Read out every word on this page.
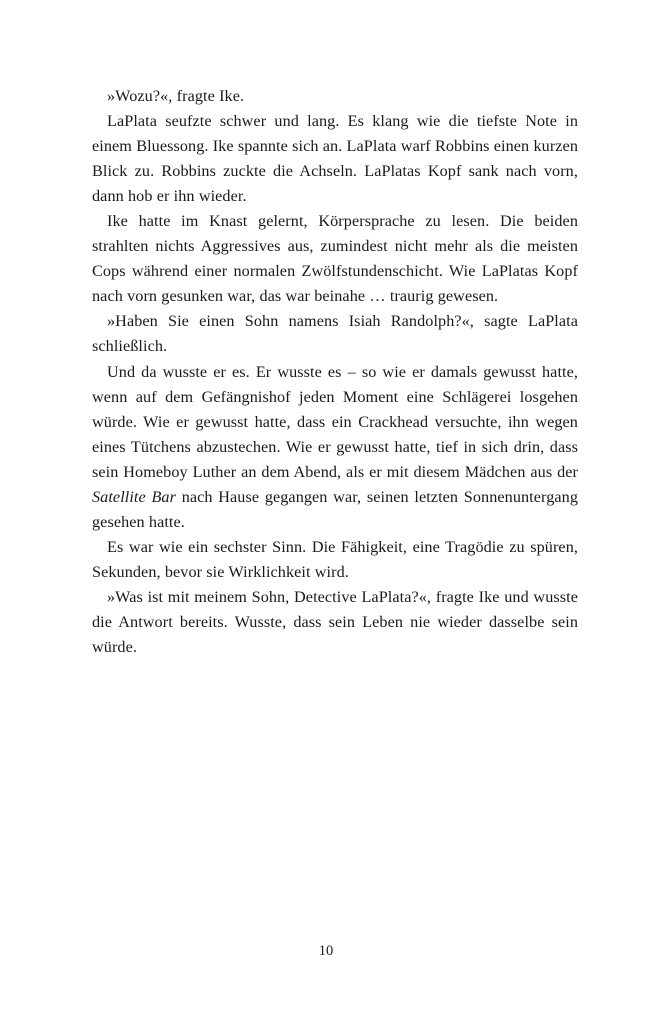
»Wozu?«, fragte Ike.

LaPlata seufzte schwer und lang. Es klang wie die tiefste Note in einem Bluessong. Ike spannte sich an. LaPlata warf Robbins einen kurzen Blick zu. Robbins zuckte die Achseln. LaPlatas Kopf sank nach vorn, dann hob er ihn wieder.

Ike hatte im Knast gelernt, Körpersprache zu lesen. Die beiden strahlten nichts Aggressives aus, zumindest nicht mehr als die meisten Cops während einer normalen Zwölfstundenschicht. Wie LaPlatas Kopf nach vorn gesunken war, das war beinahe … traurig gewesen.

»Haben Sie einen Sohn namens Isiah Randolph?«, sagte LaPlata schließlich.

Und da wusste er es. Er wusste es – so wie er damals gewusst hatte, wenn auf dem Gefängnishof jeden Moment eine Schlägerei losgehen würde. Wie er gewusst hatte, dass ein Crackhead versuchte, ihn wegen eines Tütchens abzustechen. Wie er gewusst hatte, tief in sich drin, dass sein Homeboy Luther an dem Abend, als er mit diesem Mädchen aus der Satellite Bar nach Hause gegangen war, seinen letzten Sonnenuntergang gesehen hatte.

Es war wie ein sechster Sinn. Die Fähigkeit, eine Tragödie zu spüren, Sekunden, bevor sie Wirklichkeit wird.

»Was ist mit meinem Sohn, Detective LaPlata?«, fragte Ike und wusste die Antwort bereits. Wusste, dass sein Leben nie wieder dasselbe sein würde.

10
